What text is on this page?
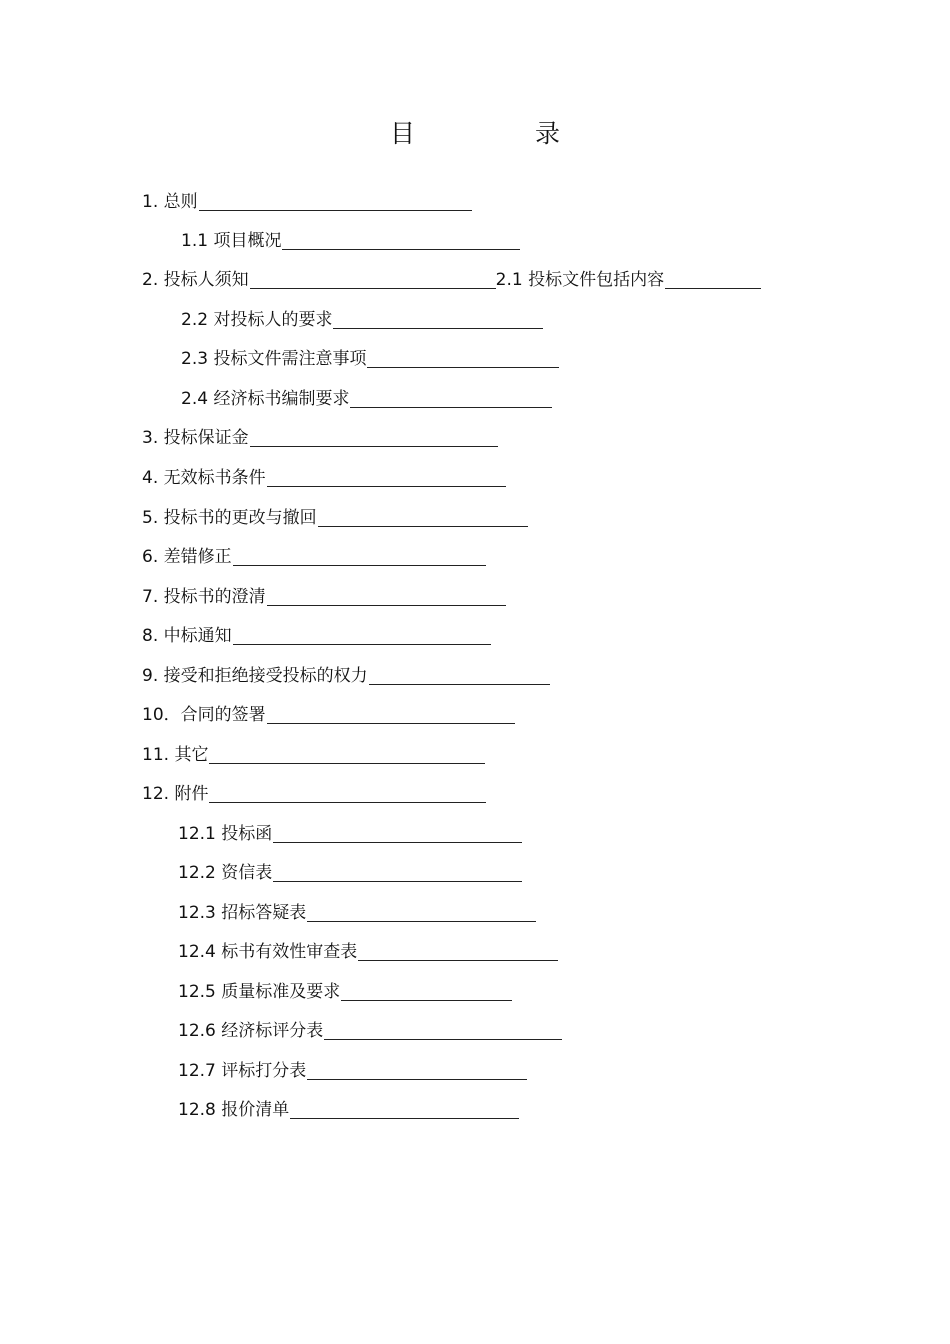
目 录
1. 总则
1.1 项目概况
2. 投标人须知	2.1 投标文件包括内容
2.2 对投标人的要求
2.3 投标文件需注意事项
2.4 经济标书编制要求
3. 投标保证金
4. 无效标书条件
5. 投标书的更改与撤回
6. 差错修正
7. 投标书的澄清
8. 中标通知
9. 接受和拒绝接受投标的权力
10．合同的签署
11. 其它
12. 附件
12.1 投标函
12.2 资信表
12.3 招标答疑表
12.4 标书有效性审查表
12.5 质量标准及要求
12.6 经济标评分表
12.7 评标打分表
12.8 报价清单
